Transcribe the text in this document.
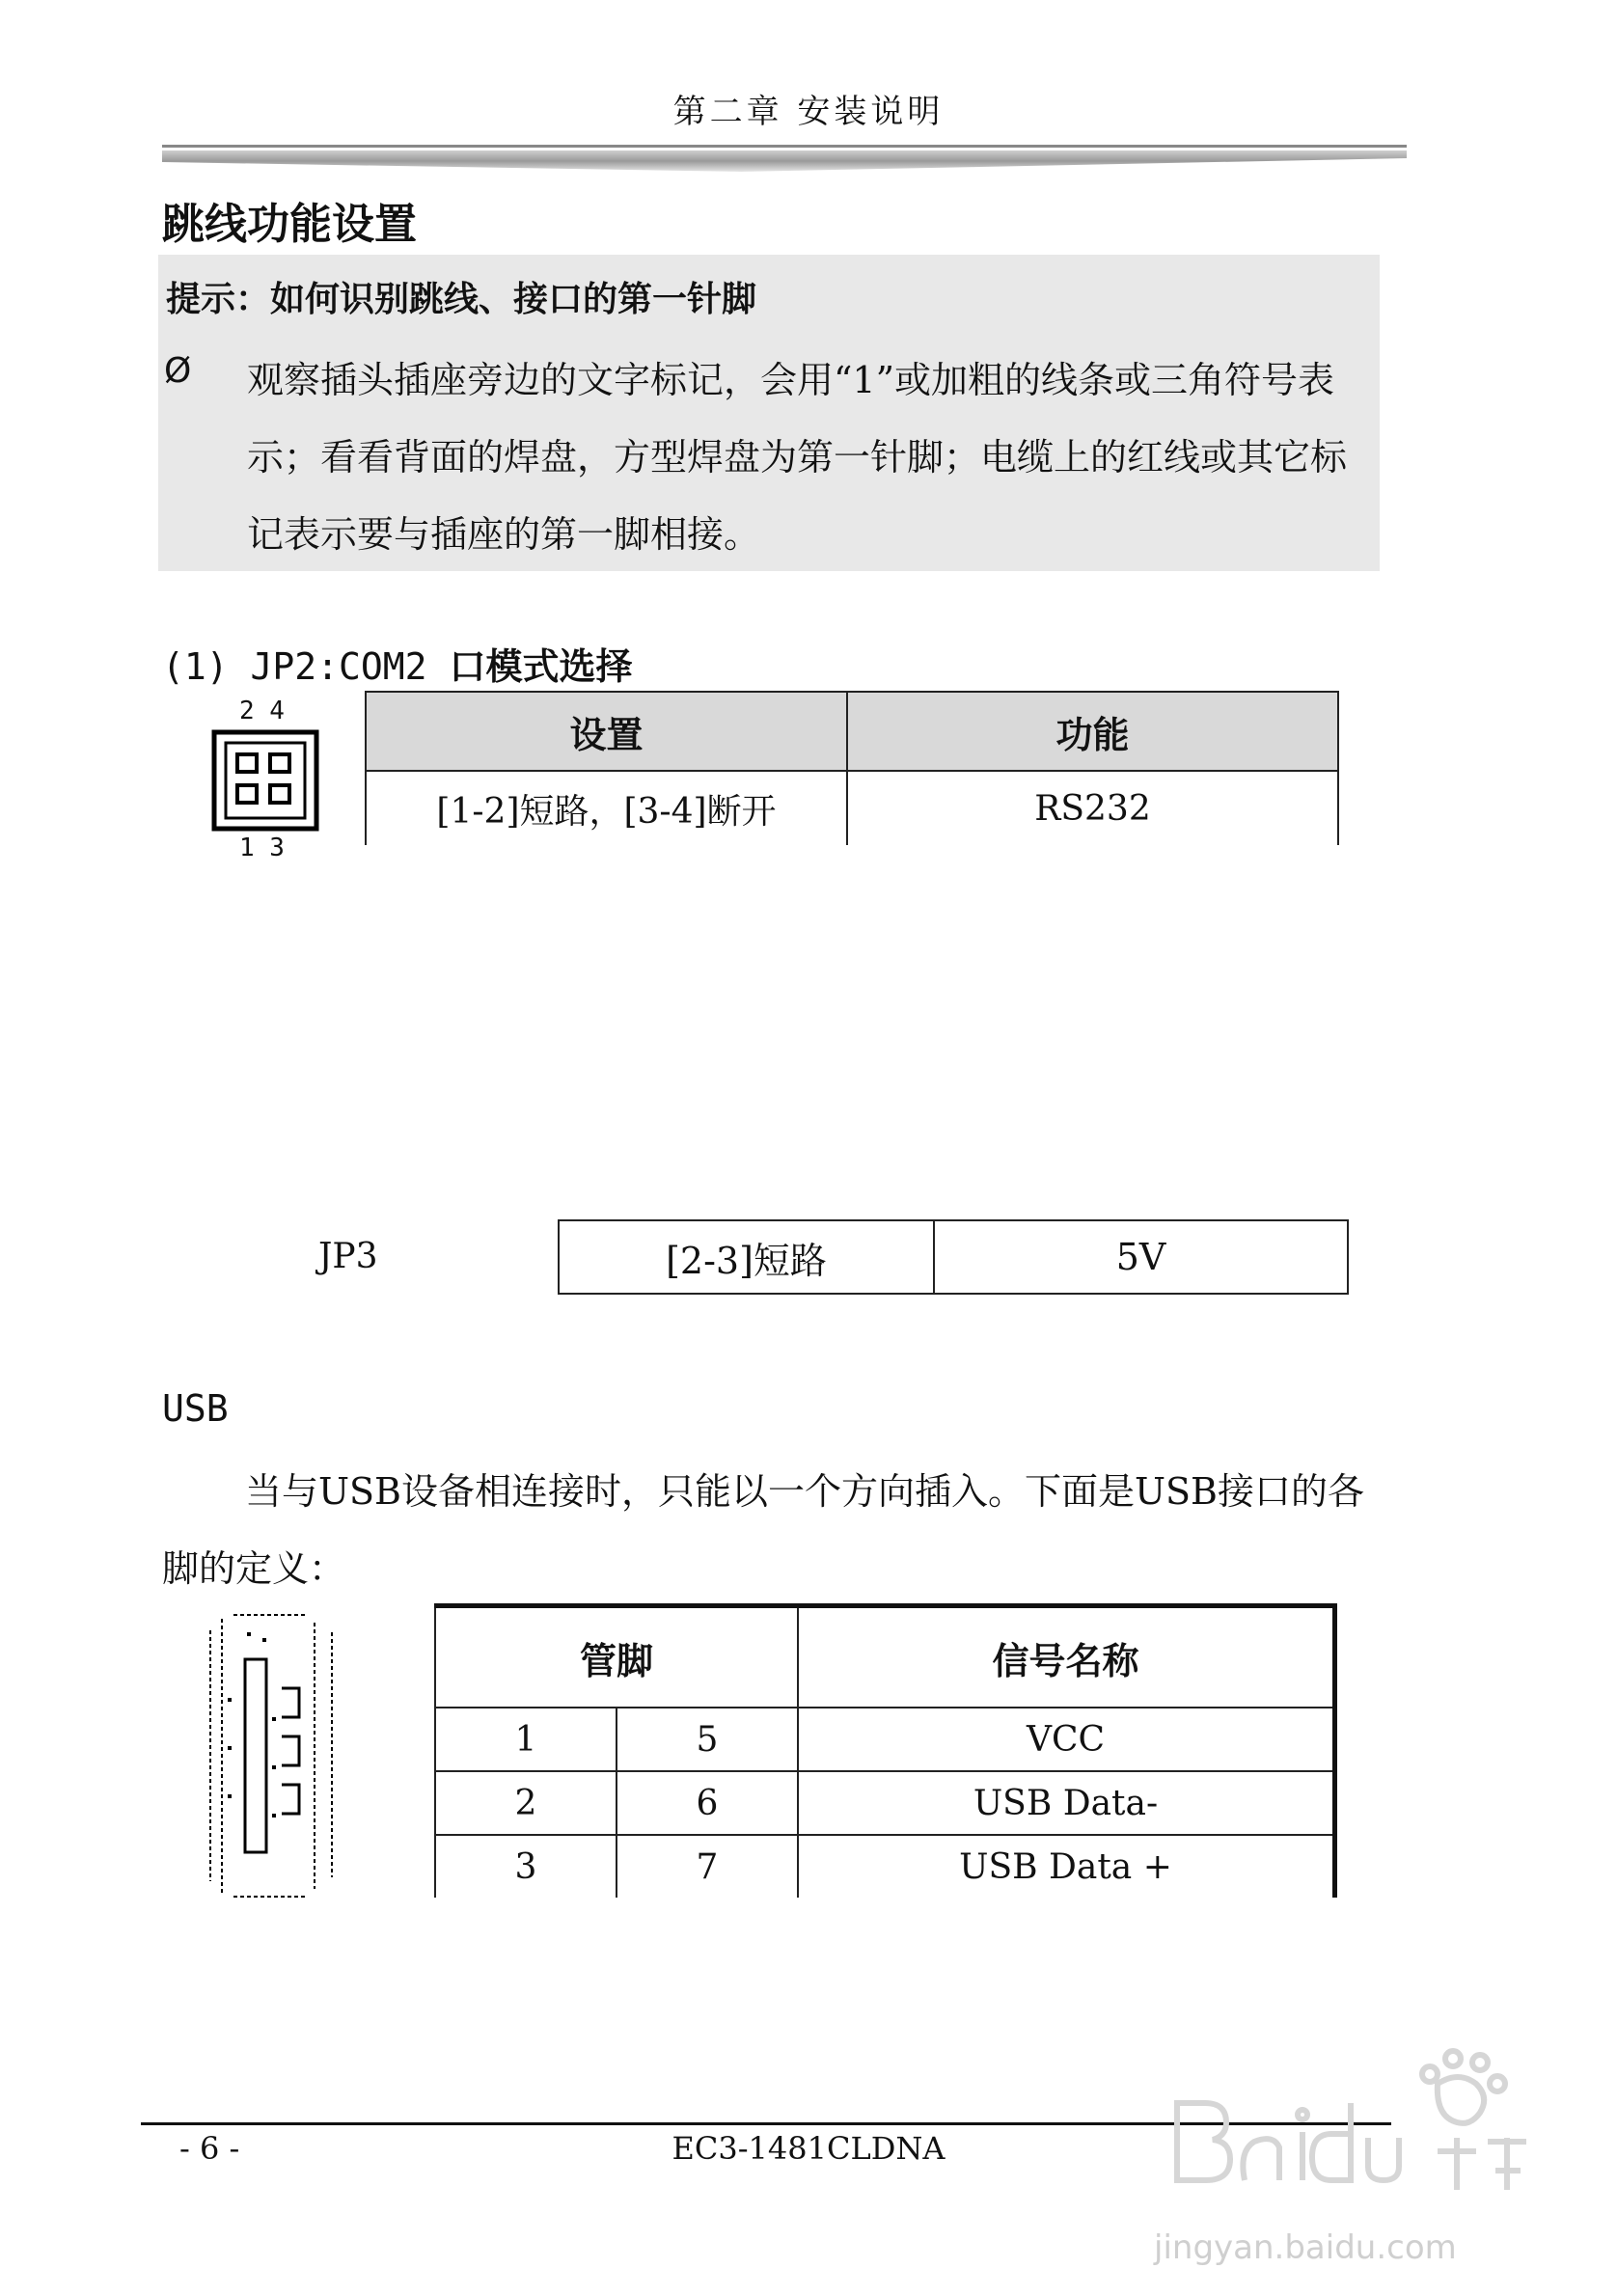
第二章 安装说明
跳线功能设置
提示：如何识别跳线、接口的第一针脚
Ø 观察插头插座旁边的文字标记，会用“1”或加粗的线条或三角符号表示；看看背面的焊盘，方型焊盘为第一针脚；电缆上的红线或其它标记表示要与插座的第一脚相接。
(1) JP2:COM2 口模式选择
2 4
1 3
设置	功能
[1-2]短路，[3-4]断开	RS232
JP3	[2-3]短路	5V
USB
当与USB设备相连接时，只能以一个方向插入。下面是USB接口的各脚的定义：
管脚		信号名称
1	5	VCC
2	6	USB Data-
3	7	USB Data +
- 6 -	EC3-1481CLDNA
jingyan.baidu.com
